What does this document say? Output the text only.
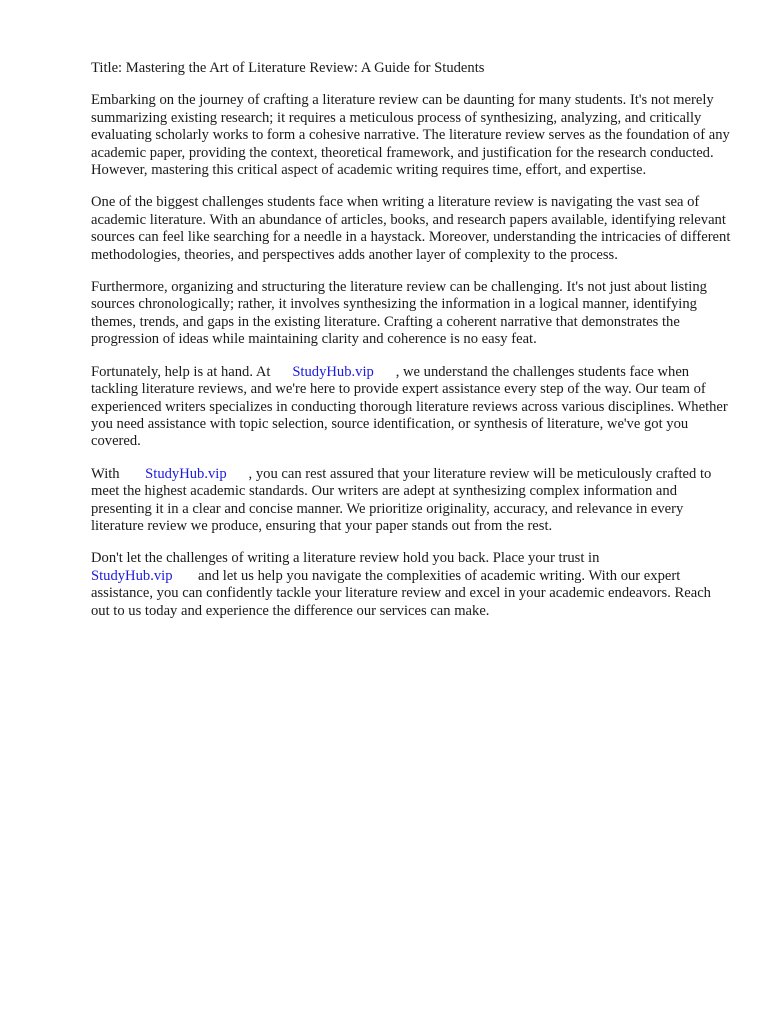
Title: Mastering the Art of Literature Review: A Guide for Students

Embarking on the journey of crafting a literature review can be daunting for many students. It's not merely summarizing existing research; it requires a meticulous process of synthesizing, analyzing, and critically evaluating scholarly works to form a cohesive narrative. The literature review serves as the foundation of any academic paper, providing the context, theoretical framework, and justification for the research conducted. However, mastering this critical aspect of academic writing requires time, effort, and expertise.

One of the biggest challenges students face when writing a literature review is navigating the vast sea of academic literature. With an abundance of articles, books, and research papers available, identifying relevant sources can feel like searching for a needle in a haystack. Moreover, understanding the intricacies of different methodologies, theories, and perspectives adds another layer of complexity to the process.

Furthermore, organizing and structuring the literature review can be challenging. It's not just about listing sources chronologically; rather, it involves synthesizing the information in a logical manner, identifying themes, trends, and gaps in the existing literature. Crafting a coherent narrative that demonstrates the progression of ideas while maintaining clarity and coherence is no easy feat.

Fortunately, help is at hand. At StudyHub.vip , we understand the challenges students face when tackling literature reviews, and we're here to provide expert assistance every step of the way. Our team of experienced writers specializes in conducting thorough literature reviews across various disciplines. Whether you need assistance with topic selection, source identification, or synthesis of literature, we've got you covered.

With StudyHub.vip , you can rest assured that your literature review will be meticulously crafted to meet the highest academic standards. Our writers are adept at synthesizing complex information and presenting it in a clear and concise manner. We prioritize originality, accuracy, and relevance in every literature review we produce, ensuring that your paper stands out from the rest.

Don't let the challenges of writing a literature review hold you back. Place your trust in StudyHub.vip and let us help you navigate the complexities of academic writing. With our expert assistance, you can confidently tackle your literature review and excel in your academic endeavors. Reach out to us today and experience the difference our services can make.
